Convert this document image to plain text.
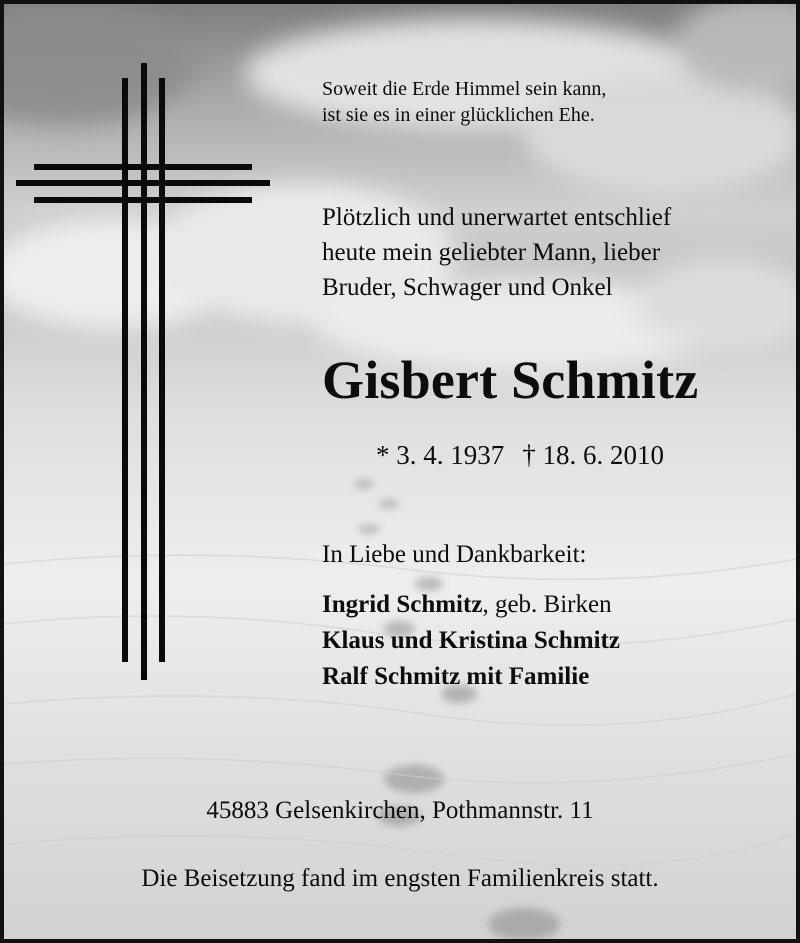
Soweit die Erde Himmel sein kann,
ist sie es in einer glücklichen Ehe.
Plötzlich und unerwartet entschlief
heute mein geliebter Mann, lieber
Bruder, Schwager und Onkel
Gisbert Schmitz
* 3. 4. 1937 † 18. 6. 2010
In Liebe und Dankbarkeit:
Ingrid Schmitz, geb. Birken
Klaus und Kristina Schmitz
Ralf Schmitz mit Familie
45883 Gelsenkirchen, Pothmannstr. 11
Die Beisetzung fand im engsten Familienkreis statt.
